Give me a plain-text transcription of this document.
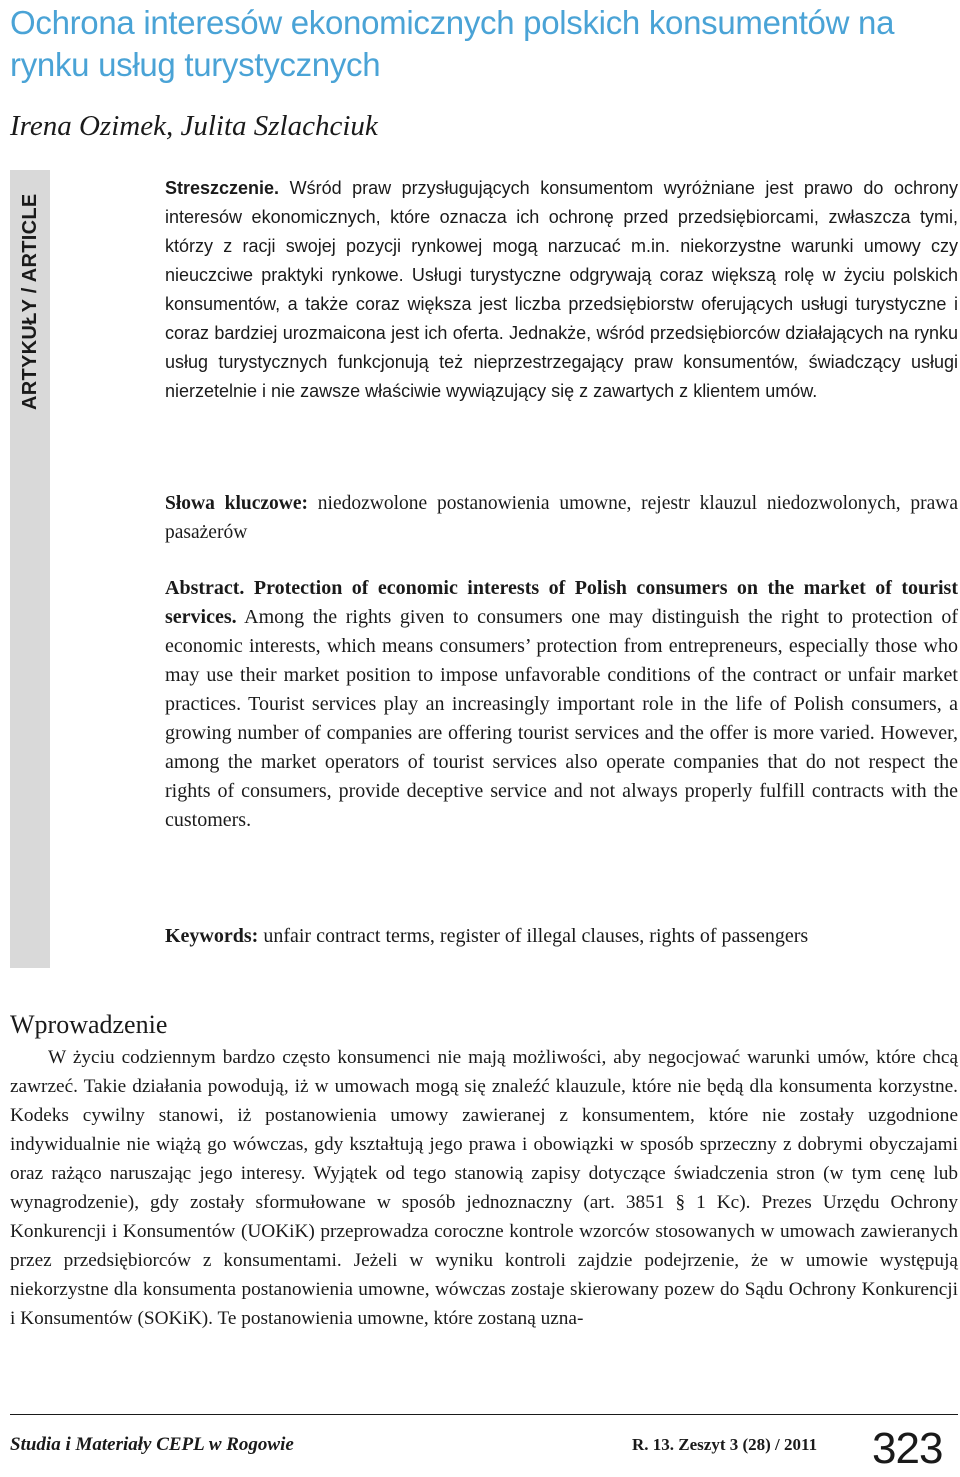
Ochrona interesów ekonomicznych polskich konsumentów na rynku usług turystycznych

Irena Ozimek, Julita Szlachciuk

ARTYKUŁY / ARTICLE

Streszczenie. Wśród praw przysługujących konsumentom wyróżniane jest prawo do ochrony interesów ekonomicznych, które oznacza ich ochronę przed przedsiębiorcami, zwłaszcza tymi, którzy z racji swojej pozycji rynkowej mogą narzucać m.in. niekorzystne warunki umowy czy nieuczciwe praktyki rynkowe. Usługi turystyczne odgrywają coraz większą rolę w życiu polskich konsumentów, a także coraz większa jest liczba przedsiębiorstw oferujących usługi turystyczne i coraz bardziej urozmaicona jest ich oferta. Jednakże, wśród przedsiębiorców działających na rynku usług turystycznych funkcjonują też nieprzestrzegający praw konsumentów, świadczący usługi nierzetelnie i nie zawsze właściwie wywiązujący się z zawartych z klientem umów.

Słowa kluczowe: niedozwolone postanowienia umowne, rejestr klauzul niedozwolonych, prawa pasażerów

Abstract. Protection of economic interests of Polish consumers on the market of tourist services. Among the rights given to consumers one may distinguish the right to protection of economic interests, which means consumers’ protection from entrepreneurs, especially those who may use their market position to impose unfavorable conditions of the contract or unfair market practices. Tourist services play an increasingly important role in the life of Polish consumers, a growing number of companies are offering tourist services and the offer is more varied. However, among the market operators of tourist services also operate companies that do not respect the rights of consumers, provide deceptive service and not always properly fulfill contracts with the customers.

Keywords: unfair contract terms, register of illegal clauses, rights of passengers

Wprowadzenie

W życiu codziennym bardzo często konsumenci nie mają możliwości, aby negocjować warunki umów, które chcą zawrzeć. Takie działania powodują, iż w umowach mogą się znaleźć klauzule, które nie będą dla konsumenta korzystne. Kodeks cywilny stanowi, iż postanowienia umowy zawieranej z konsumentem, które nie zostały uzgodnione indywidualnie nie wiążą go wówczas, gdy kształtują jego prawa i obowiązki w sposób sprzeczny z dobrymi obyczajami oraz rażąco naruszając jego interesy. Wyjątek od tego stanowią zapisy dotyczące świadczenia stron (w tym cenę lub wynagrodzenie), gdy zostały sformułowane w sposób jednoznaczny (art. 3851 § 1 Kc). Prezes Urzędu Ochrony Konkurencji i Konsumentów (UOKiK) przeprowadza coroczne kontrole wzorców stosowanych w umowach zawieranych przez przedsiębiorców z konsumentami. Jeżeli w wyniku kontroli zajdzie podejrzenie, że w umowie występują niekorzystne dla konsumenta postanowienia umowne, wówczas zostaje skierowany pozew do Sądu Ochrony Konkurencji i Konsumentów (SOKiK). Te postanowienia umowne, które zostaną uzna-

Studia i Materiały CEPL w Rogowie	R. 13. Zeszyt 3 (28) / 2011 323
